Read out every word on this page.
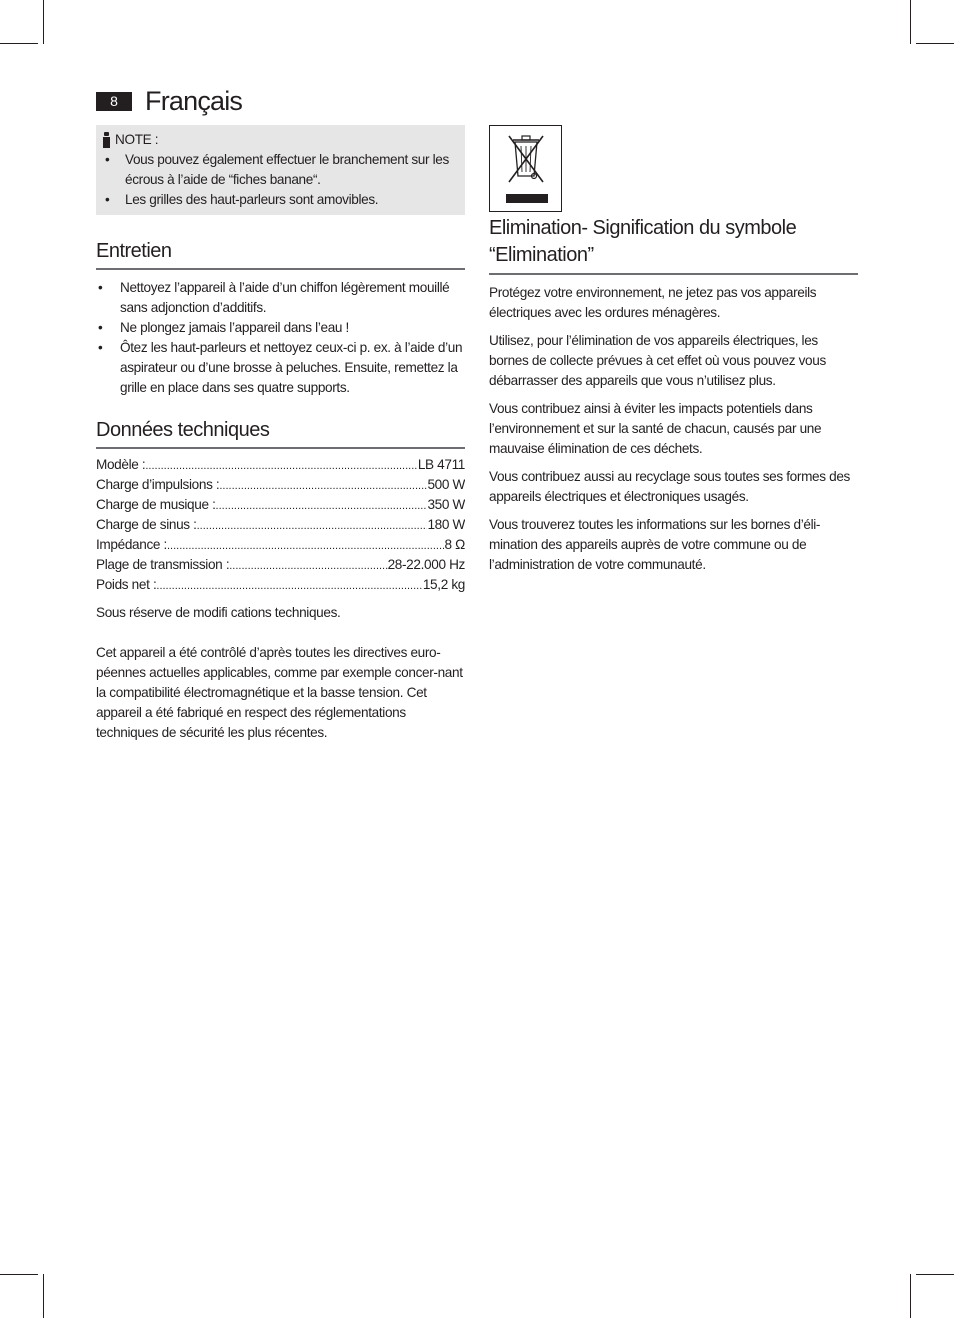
8	Français
NOTE :
• Vous pouvez également effectuer le branchement sur les écrous à l’aide de “fiches banane“.
• Les grilles des haut-parleurs sont amovibles.
Entretien
• Nettoyez l’appareil à l’aide d’un chiffon légèrement mouillé sans adjonction d’additifs.
• Ne plongez jamais l’appareil dans l’eau !
• Ôtez les haut-parleurs et nettoyez ceux-ci p. ex. à l’aide d’un aspirateur ou d’une brosse à peluches. Ensuite, remettez la grille en place dans ses quatre supports.
Données techniques
Modèle : .....	LB 4711
Charge d’impulsions : .....	500 W
Charge de musique : .....	350 W
Charge de sinus : .....	180 W
Impédance : .....	8 Ω
Plage de transmission : .....	28-22.000 Hz
Poids net : .....	15,2 kg

Sous réserve de modifi cations techniques.

Cet appareil a été contrôlé d’après toutes les directives euro-péennes actuelles applicables, comme par exemple concer-nant la compatibilité électromagnétique et la basse tension. Cet appareil a été fabriqué en respect des réglementations techniques de sécurité les plus récentes.

Elimination- Signification du symbole “Elimination”

Protégez votre environnement, ne jetez pas vos appareils électriques avec les ordures ménagères.

Utilisez, pour l’élimination de vos appareils électriques, les bornes de collecte prévues à cet effet où vous pouvez vous débarrasser des appareils que vous n’utilisez plus.

Vous contribuez ainsi à éviter les impacts potentiels dans l’environnement et sur la santé de chacun, causés par une mauvaise élimination de ces déchets.

Vous contribuez aussi au recyclage sous toutes ses formes des appareils électriques et électroniques usagés.

Vous trouverez toutes les informations sur les bornes d’éli-mination des appareils auprès de votre commune ou de l’administration de votre communauté.
